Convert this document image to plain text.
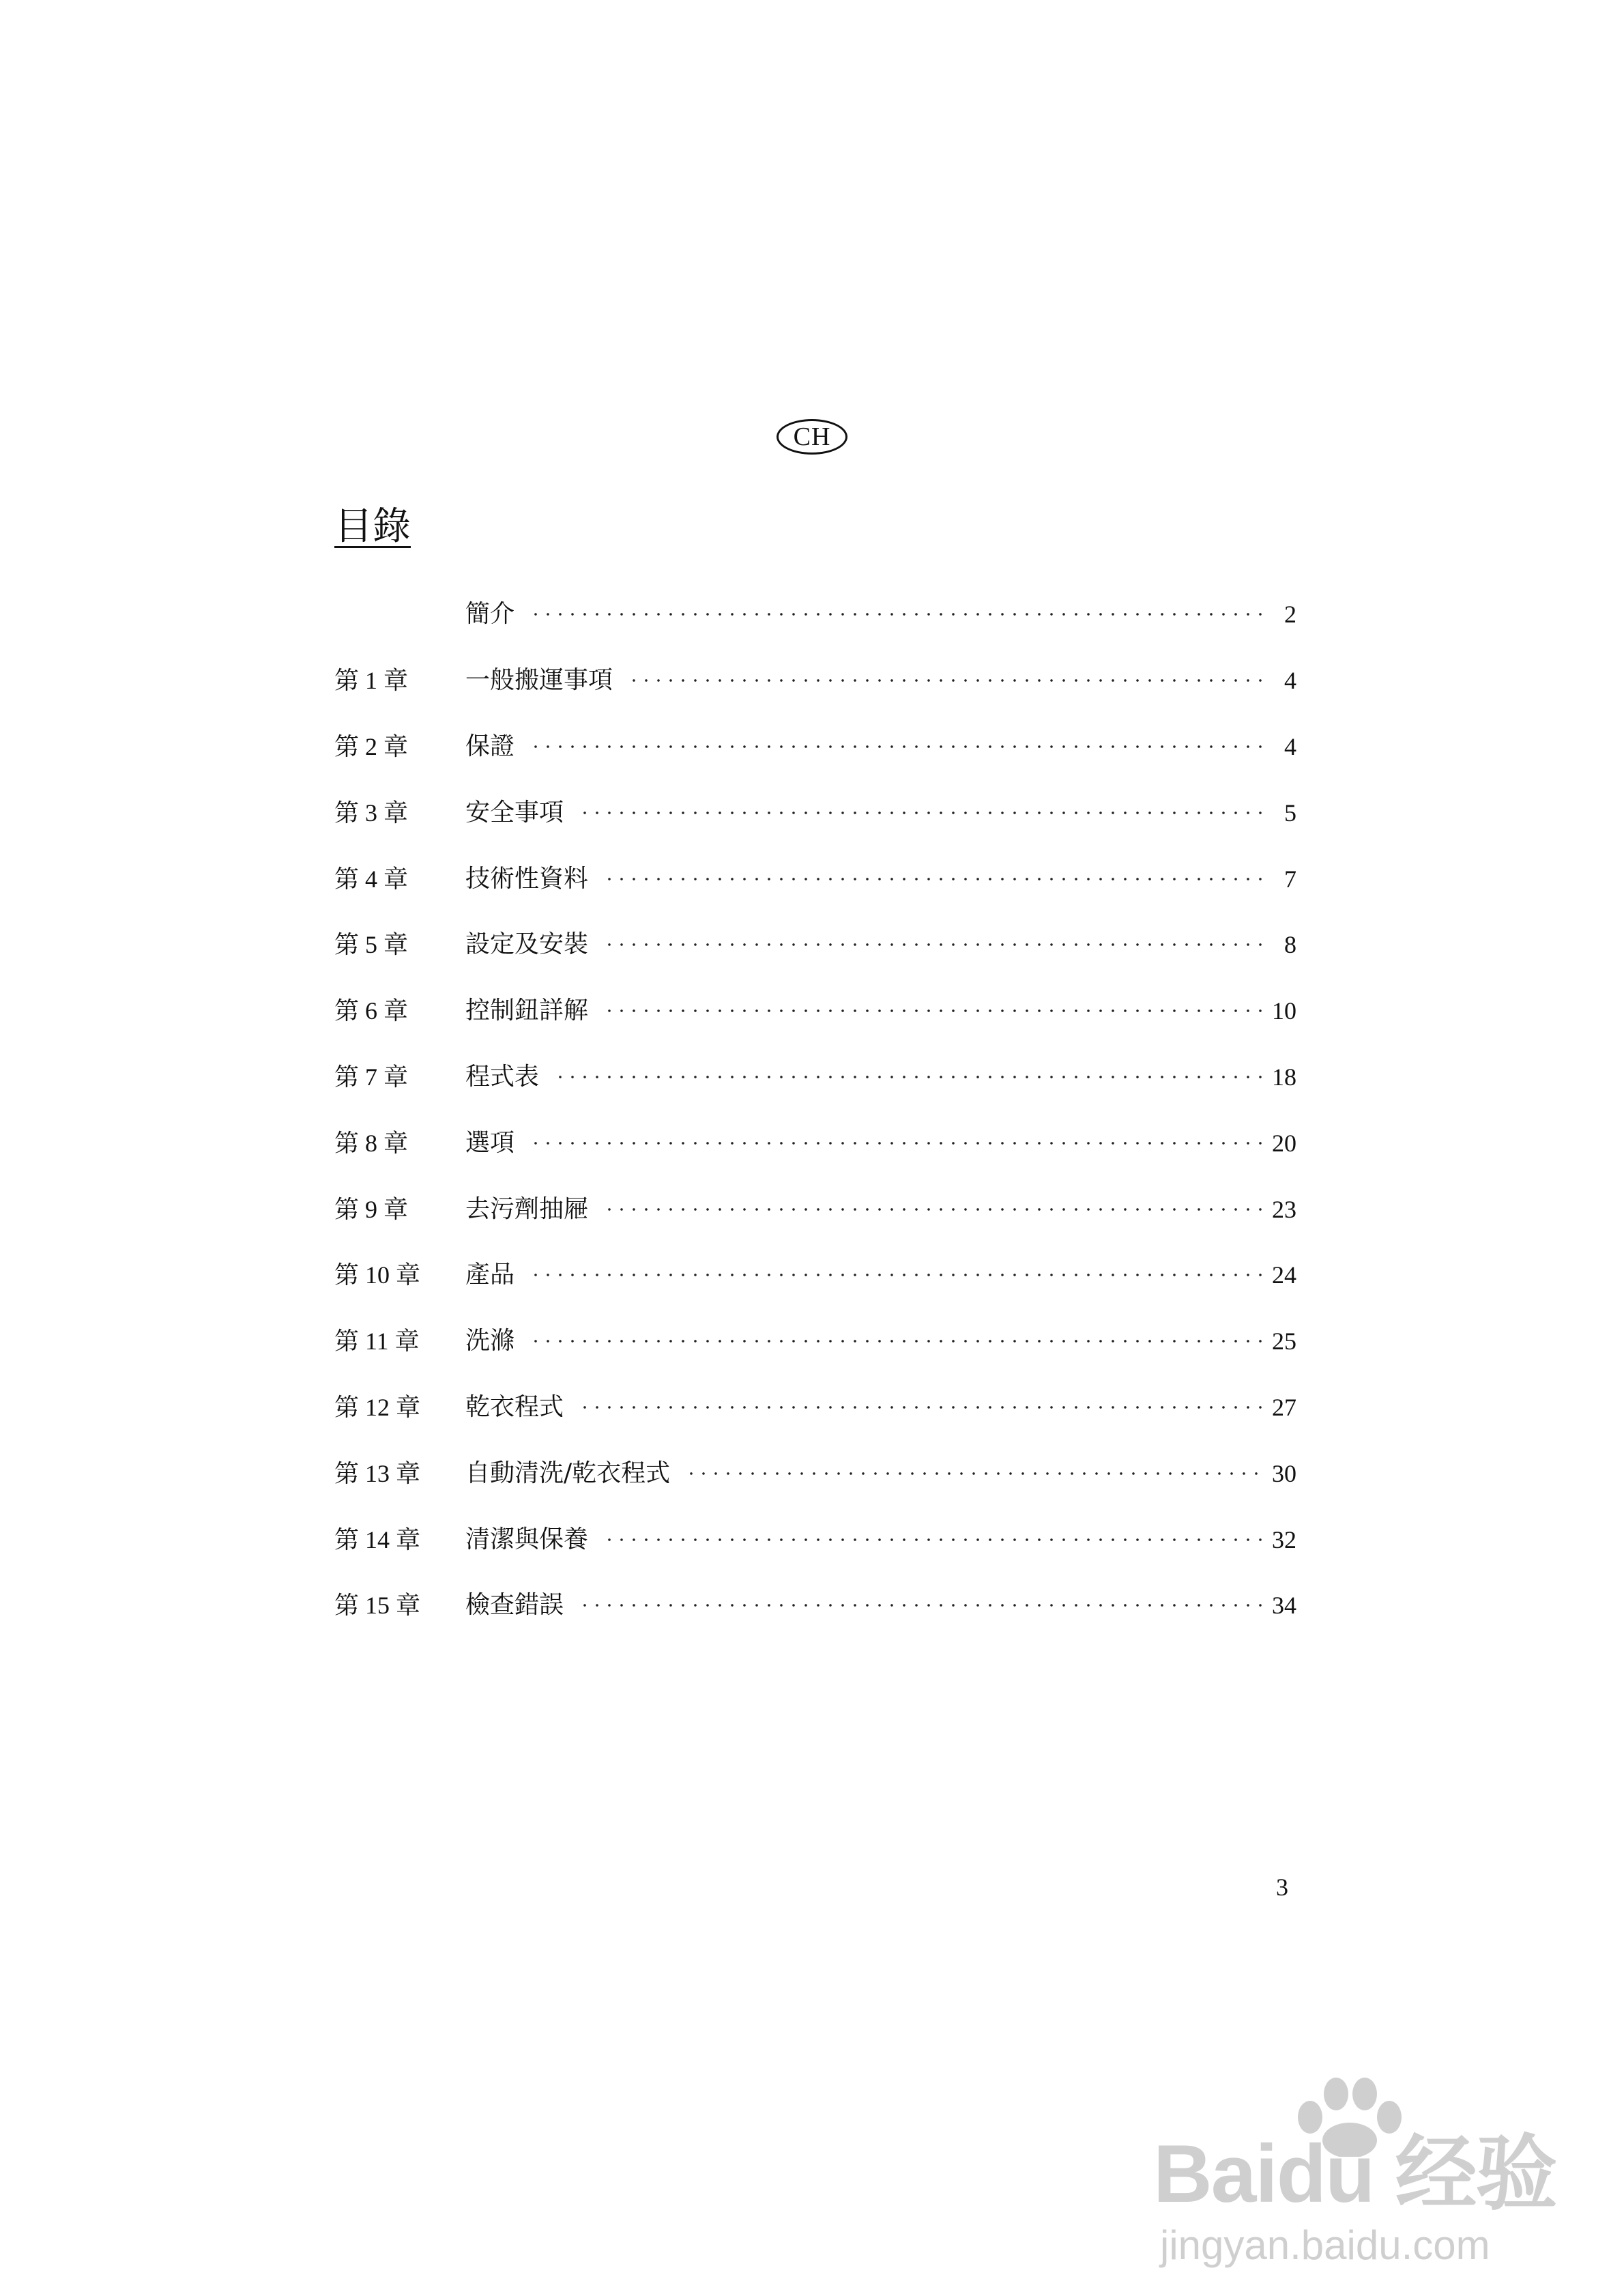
CH
目錄
簡介	2
第 1 章	一般搬運事項	4
第 2 章	保證	4
第 3 章	安全事項	5
第 4 章	技術性資料	7
第 5 章	設定及安裝	8
第 6 章	控制鈕詳解	10
第 7 章	程式表	18
第 8 章	選項	20
第 9 章	去污劑抽屜	23
第 10 章	產品	24
第 11 章	洗滌	25
第 12 章	乾衣程式	27
第 13 章	自動清洗/乾衣程式	30
第 14 章	清潔與保養	32
第 15 章	檢查錯誤	34
3
Baidu 经验
jingyan.baidu.com
